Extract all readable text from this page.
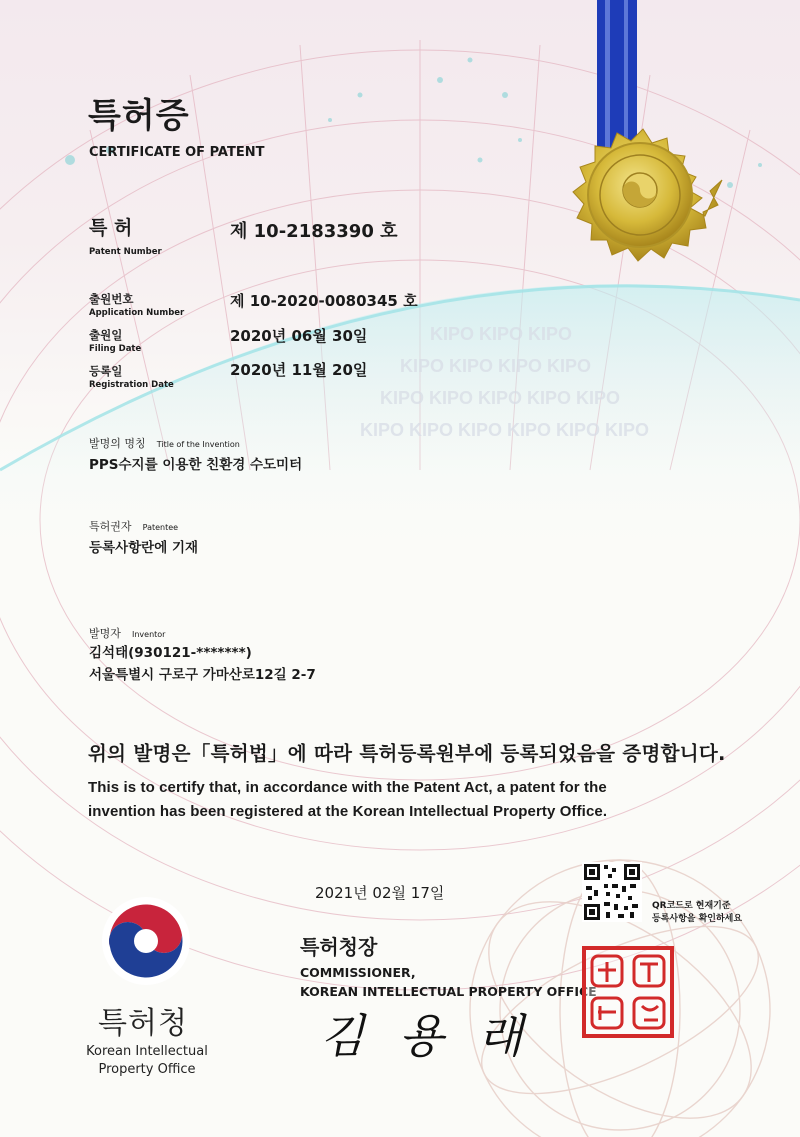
KIPO KIPO KIPO
KIPO KIPO KIPO KIPO
KIPO KIPO KIPO KIPO KIPO
KIPO KIPO KIPO KIPO KIPO KIPO
특허증
CERTIFICATE OF PATENT
특 허
Patent Number
제 10-2183390 호
출원번호
Application Number
제 10-2020-0080345 호
출원일
Filing Date
2020년 06월 30일
등록일
Registration Date
2020년 11월 20일
발명의 명칭 Title of the Invention
PPS수지를 이용한 친환경 수도미터
특허권자 Patentee
등록사항란에 기재
발명자 Inventor
김석태(930121-*******)
서울특별시 구로구 가마산로12길 2-7
위의 발명은「특허법」에 따라 특허등록원부에 등록되었음을 증명합니다.
This is to certify that, in accordance with the Patent Act, a patent for the
invention has been registered at the Korean Intellectual Property Office.
2021년 02월 17일
QR코드로 현재기준
등록사항을 확인하세요
특허청장
COMMISSIONER,
KOREAN INTELLECTUAL PROPERTY OFFICE
김 용 래
특허청
Korean Intellectual
Property Office
